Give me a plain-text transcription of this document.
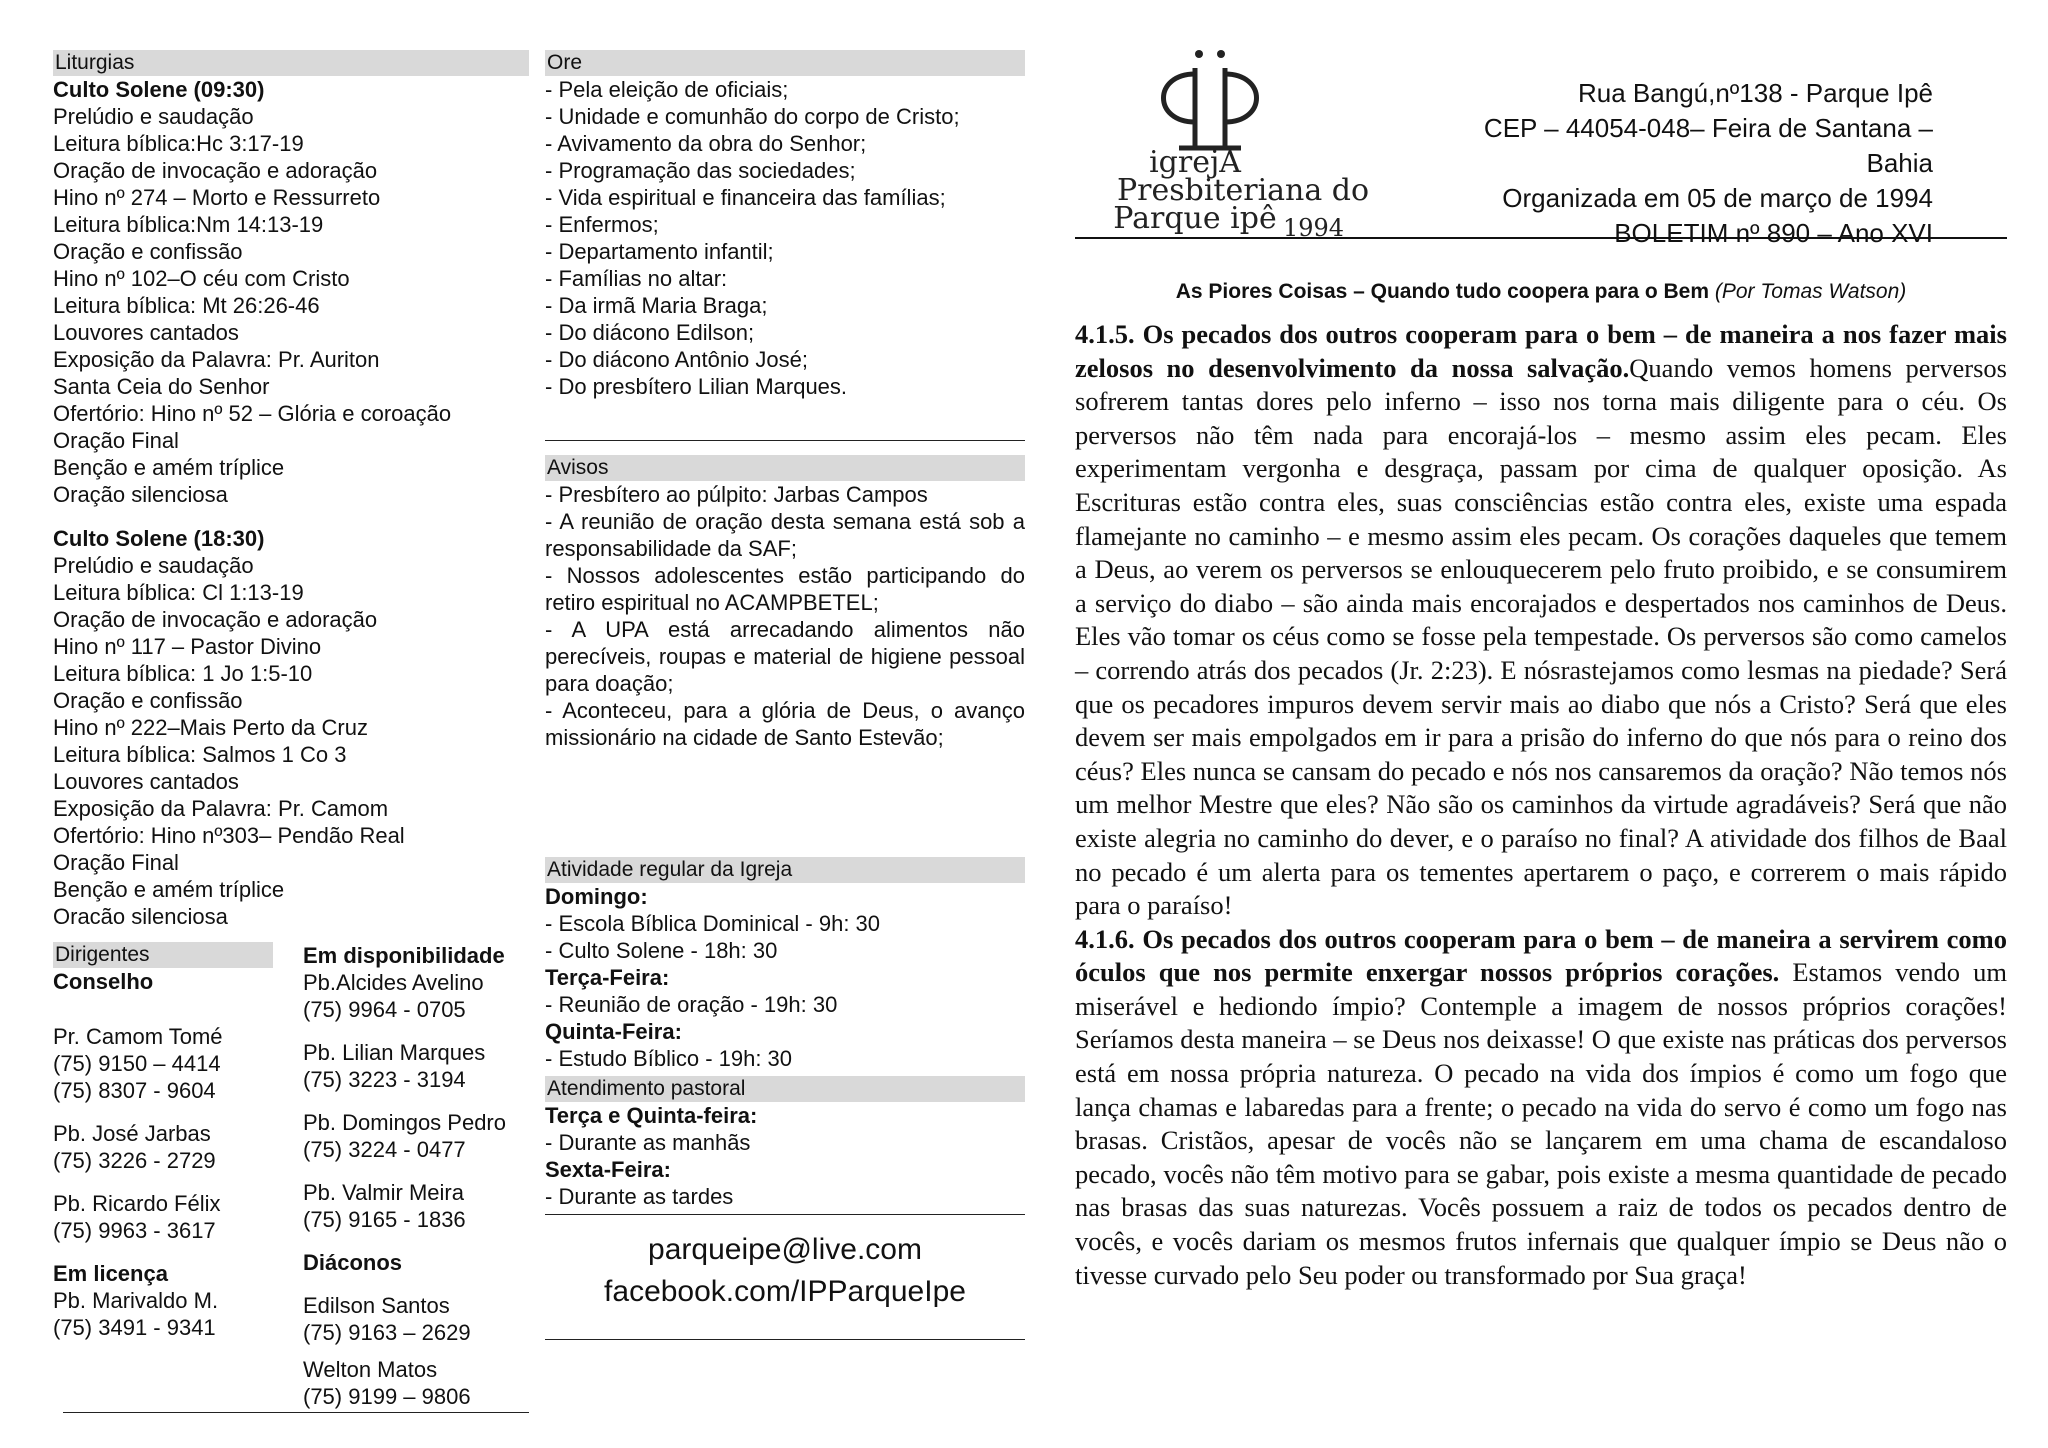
Liturgias
Culto Solene (09:30)
Prelúdio e saudação
Leitura bíblica:Hc 3:17-19
Oração de invocação e adoração
Hino nº 274 – Morto e Ressurreto
Leitura bíblica:Nm 14:13-19
Oração e confissão
Hino nº 102–O céu com Cristo
Leitura bíblica: Mt 26:26-46
Louvores cantados
Exposição da Palavra: Pr. Auriton
Santa Ceia do Senhor
Ofertório: Hino nº 52 – Glória e coroação
Oração Final
Benção e amém tríplice
Oração silenciosa
Culto Solene (18:30)
Prelúdio e saudação
Leitura bíblica: Cl 1:13-19
Oração de invocação e adoração
Hino nº 117 – Pastor Divino
Leitura bíblica: 1 Jo 1:5-10
Oração e confissão
Hino nº 222–Mais Perto da Cruz
Leitura bíblica: Salmos 1 Co 3
Louvores cantados
Exposição da Palavra: Pr. Camom
Ofertório: Hino nº303– Pendão Real
Oração Final
Benção e amém tríplice
Oracão silenciosa
Dirigentes
Conselho
Pr. Camom Tomé
(75) 9150 – 4414
(75) 8307 - 9604
Pb. José Jarbas
(75) 3226 - 2729
Pb. Ricardo Félix
(75) 9963 - 3617
Em licença
Pb. Marivaldo M.
(75) 3491 - 9341
Em disponibilidade
Pb.Alcides Avelino
(75) 9964 - 0705
Pb. Lilian Marques
(75) 3223 - 3194
Pb. Domingos Pedro
(75) 3224 - 0477
Pb. Valmir Meira
(75) 9165 - 1836
Diáconos
Edilson Santos
(75) 9163 – 2629
Welton Matos
(75) 9199 – 9806
Ore
- Pela eleição de oficiais;
- Unidade e comunhão do corpo de Cristo;
- Avivamento da obra do Senhor;
- Programação das sociedades;
- Vida espiritual e financeira das famílias;
- Enfermos;
- Departamento infantil;
- Famílias no altar:
- Da irmã Maria Braga;
- Do diácono Edilson;
- Do diácono Antônio José;
- Do presbítero Lilian Marques.
Avisos
- Presbítero ao púlpito: Jarbas Campos
- A reunião de oração desta semana está sob a responsabilidade da SAF;
- Nossos adolescentes estão participando do retiro espiritual no ACAMPBETEL;
- A UPA está arrecadando alimentos não perecíveis, roupas e material de higiene pessoal para doação;
- Aconteceu, para a glória de Deus, o avanço missionário na cidade de Santo Estevão;
Atividade regular da Igreja
Domingo:
- Escola Bíblica Dominical - 9h: 30
- Culto Solene - 18h: 30
Terça-Feira:
- Reunião de oração - 19h: 30
Quinta-Feira:
- Estudo Bíblico - 19h: 30
Atendimento pastoral
Terça e Quinta-feira:
- Durante as manhãs
Sexta-Feira:
- Durante as tardes
parqueipe@live.com
facebook.com/IPParqueIpe
igrejA
Presbiteriana do
Parque ipê 1994
Rua Bangú,nº138 - Parque Ipê
CEP – 44054-048– Feira de Santana –
Bahia
Organizada em 05 de março de 1994
BOLETIM nº 890 – Ano XVI
As Piores Coisas – Quando tudo coopera para o Bem (Por Tomas Watson)
4.1.5. Os pecados dos outros cooperam para o bem – de maneira a nos fazer mais zelosos no desenvolvimento da nossa salvação.Quando vemos homens perversos sofrerem tantas dores pelo inferno – isso nos torna mais diligente para o céu. Os perversos não têm nada para encorajá-los – mesmo assim eles pecam. Eles experimentam vergonha e desgraça, passam por cima de qualquer oposição. As Escrituras estão contra eles, suas consciências estão contra eles, existe uma espada flamejante no caminho – e mesmo assim eles pecam. Os corações daqueles que temem a Deus, ao verem os perversos se enlouquecerem pelo fruto proibido, e se consumirem a serviço do diabo – são ainda mais encorajados e despertados nos caminhos de Deus. Eles vão tomar os céus como se fosse pela tempestade. Os perversos são como camelos – correndo atrás dos pecados (Jr. 2:23). E nósrastejamos como lesmas na piedade? Será que os pecadores impuros devem servir mais ao diabo que nós a Cristo? Será que eles devem ser mais empolgados em ir para a prisão do inferno do que nós para o reino dos céus? Eles nunca se cansam do pecado e nós nos cansaremos da oração? Não temos nós um melhor Mestre que eles? Não são os caminhos da virtude agradáveis? Será que não existe alegria no caminho do dever, e o paraíso no final? A atividade dos filhos de Baal no pecado é um alerta para os tementes apertarem o paço, e correrem o mais rápido para o paraíso!
4.1.6. Os pecados dos outros cooperam para o bem – de maneira a servirem como óculos que nos permite enxergar nossos próprios corações. Estamos vendo um miserável e hediondo ímpio? Contemple a imagem de nossos próprios corações! Seríamos desta maneira – se Deus nos deixasse! O que existe nas práticas dos perversos está em nossa própria natureza. O pecado na vida dos ímpios é como um fogo que lança chamas e labaredas para a frente; o pecado na vida do servo é como um fogo nas brasas. Cristãos, apesar de vocês não se lançarem em uma chama de escandaloso pecado, vocês não têm motivo para se gabar, pois existe a mesma quantidade de pecado nas brasas das suas naturezas. Vocês possuem a raiz de todos os pecados dentro de vocês, e vocês dariam os mesmos frutos infernais que qualquer ímpio se Deus não o tivesse curvado pelo Seu poder ou transformado por Sua graça!
